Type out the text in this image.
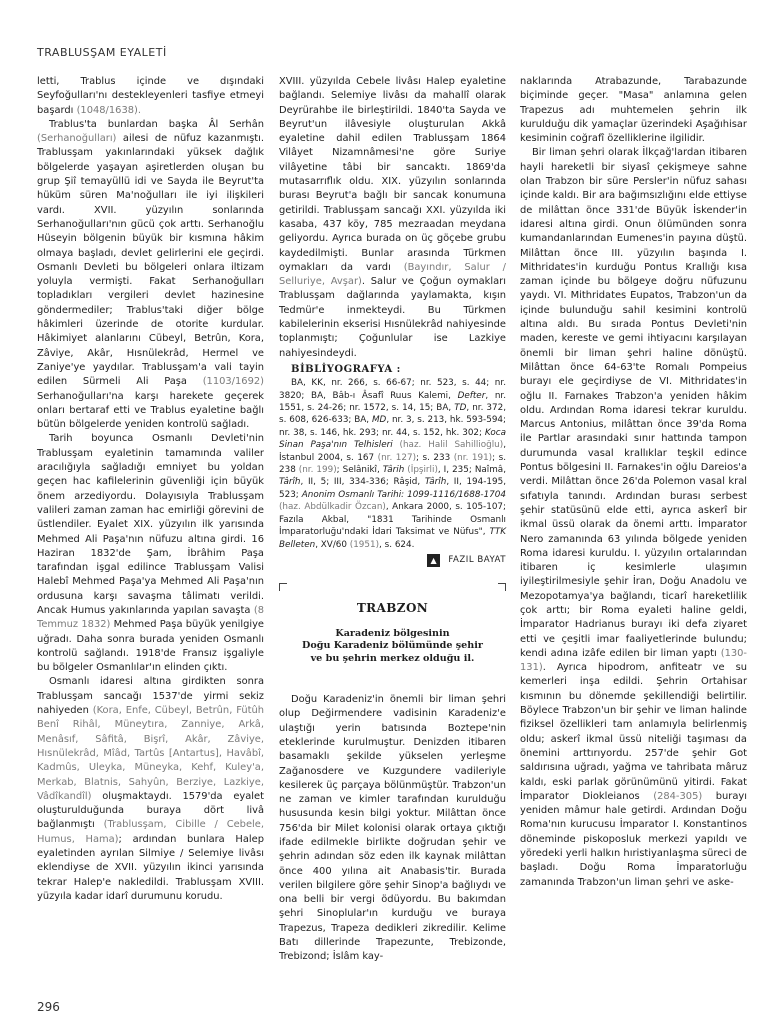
TRABLUSŞAM EYALETİ

letti, Trablus içinde ve dışındaki Seyfoğulları'nı destekleyenleri tasfiye etmeyi başardı (1048/1638).

Trablus'ta bunlardan başka Âl Serhân (Serhanoğulları) ailesi de nüfuz kazanmıştı. Trablusşam yakınlarındaki yüksek dağlık bölgelerde yaşayan aşiretlerden oluşan bu grup Şiî temayüllü idi ve Sayda ile Beyrut'ta hüküm süren Ma'noğulları ile iyi ilişkileri vardı. XVII. yüzyılın sonlarında Serhanoğulları'nın gücü çok arttı. Serhanoğlu Hüseyin bölgenin büyük bir kısmına hâkim olmaya başladı, devlet gelirlerini ele geçirdi. Osmanlı Devleti bu bölgeleri onlara iltizam yoluyla vermişti. Fakat Serhanoğulları topladıkları vergileri devlet hazinesine göndermediler; Trablus'taki diğer bölge hâkimleri üzerinde de otorite kurdular. Hâkimiyet alanlarını Cübeyl, Betrûn, Kora, Zâviye, Akâr, Hısnülekrâd, Hermel ve Zaniye'ye yaydılar. Trablusşam'a vali tayin edilen Sürmeli Ali Paşa (1103/1692) Serhanoğulları'na karşı harekete geçerek onları bertaraf etti ve Trablus eyaletine bağlı bütün bölgelerde yeniden kontrolü sağladı.

Tarih boyunca Osmanlı Devleti'nin Trablusşam eyaletinin tamamında valiler aracılığıyla sağladığı emniyet bu yoldan geçen hac kafilelerinin güvenliği için büyük önem arzediyordu. Dolayısıyla Trablusşam valileri zaman zaman hac emirliği görevini de üstlendiler. Eyalet XIX. yüzyılın ilk yarısında Mehmed Ali Paşa'nın nüfuzu altına girdi. 16 Haziran 1832'de Şam, İbrâhim Paşa tarafından işgal edilince Trablusşam Valisi Halebî Mehmed Paşa'ya Mehmed Ali Paşa'nın ordusuna karşı savaşma tâlimatı verildi. Ancak Humus yakınlarında yapılan savaşta (8 Temmuz 1832) Mehmed Paşa büyük yenilgiye uğradı. Daha sonra burada yeniden Osmanlı kontrolü sağlandı. 1918'de Fransız işgaliyle bu bölgeler Osmanlılar'ın elinden çıktı.

Osmanlı idaresi altına girdikten sonra Trablusşam sancağı 1537'de yirmi sekiz nahiyeden (Kora, Enfe, Cübeyl, Betrûn, Fütûh Benî Rihâl, Müneytıra, Zanniye, Arkâ, Menâsıf, Sâfitâ, Bişrî, Akâr, Zâviye, Hısnülekrâd, Mîâd, Tartûs [Antartus], Havâbî, Kadmûs, Uleyka, Müneyka, Kehf, Kuley'a, Merkab, Blatnis, Sahyûn, Berziye, Lazkiye, Vâdîkandîl) oluşmaktaydı. 1579'da eyalet oluşturulduğunda buraya dört livâ bağlanmıştı (Trablusşam, Cibille / Cebele, Humus, Hama); ardından bunlara Halep eyaletinden ayrılan Silmiye / Selemiye livâsı eklendiyse de XVII. yüzyılın ikinci yarısında tekrar Halep'e nakledildi. Trablusşam XVIII. yüzyıla kadar idarî durumunu korudu.

XVIII. yüzyılda Cebele livâsı Halep eyaletine bağlandı. Selemiye livâsı da mahallî olarak Deyrürahbe ile birleştirildi. 1840'ta Sayda ve Beyrut'un ilâvesiyle oluşturulan Akkâ eyaletine dahil edilen Trablusşam 1864 Vilâyet Nizamnâmesi'ne göre Suriye vilâyetine tâbi bir sancaktı. 1869'da mutasarrıflık oldu. XIX. yüzyılın sonlarında burası Beyrut'a bağlı bir sancak konumuna getirildi. Trablusşam sancağı XXI. yüzyılda iki kasaba, 437 köy, 785 mezraadan meydana geliyordu. Ayrıca burada on üç göçebe grubu kaydedilmişti. Bunlar arasında Türkmen oymakları da vardı (Bayındır, Salur / Selluriye, Avşar). Salur ve Çoğun oymakları Trablusşam dağlarında yaylamakta, kışın Tedmür'e inmekteydi. Bu Türkmen kabilelerinin ekserisi Hısnülekrâd nahiyesinde toplanmıştı; Çoğunlular ise Lazkiye nahiyesindeydi.

BİBLİYOGRAFYA :

BA, KK, nr. 266, s. 66-67; nr. 523, s. 44; nr. 3820; BA, Bâb-ı Âsafî Ruus Kalemi, Defter, nr. 1551, s. 24-26; nr. 1572, s. 14, 15; BA, TD, nr. 372, s. 608, 626-633; BA, MD, nr. 3, s. 213, hk. 593-594; nr. 38, s. 146, hk. 293; nr. 44, s. 152, hk. 302; Koca Sinan Paşa'nın Telhisleri (haz. Halil Sahillioğlu), İstanbul 2004, s. 167 (nr. 127); s. 233 (nr. 191); s. 238 (nr. 199); Selânikî, Târih (İpşirli), I, 235; Naîmâ, Târîh, II, 5; III, 334-336; Râşid, Târîh, II, 194-195, 523; Anonim Osmanlı Tarihi: 1099-1116/1688-1704 (haz. Abdülkadir Özcan), Ankara 2000, s. 105-107; Fazıla Akbal, "1831 Tarihinde Osmanlı İmparatorluğu'ndaki İdari Taksimat ve Nüfus", TTK Belleten, XV/60 (1951), s. 624.

▲	FAZIL BAYAT
TRABZON
Karadeniz bölgesinin
Doğu Karadeniz bölümünde şehir
ve bu şehrin merkez olduğu il.

Doğu Karadeniz'in önemli bir liman şehri olup Değirmendere vadisinin Karadeniz'e ulaştığı yerin batısında Boztepe'nin eteklerinde kurulmuştur. Denizden itibaren basamaklı şekilde yükselen yerleşme Zağanosdere ve Kuzgundere vadileriyle kesilerek üç parçaya bölünmüştür. Trabzon'un ne zaman ve kimler tarafından kurulduğu hususunda kesin bilgi yoktur. Milâttan önce 756'da bir Milet kolonisi olarak ortaya çıktığı ifade edilmekle birlikte doğrudan şehir ve şehrin adından söz eden ilk kaynak milâttan önce 400 yılına ait Anabasis'tir. Burada verilen bilgilere göre şehir Sinop'a bağlıydı ve ona belli bir vergi ödüyordu. Bu bakımdan şehri Sinoplular'ın kurduğu ve buraya Trapezus, Trapeza dedikleri zikredilir. Kelime Batı dillerinde Trapezunte, Trebizonde, Trebizond; İslâm kay-

naklarında Atrabazunde, Tarabazunde biçiminde geçer. "Masa" anlamına gelen Trapezus adı muhtemelen şehrin ilk kurulduğu dik yamaçlar üzerindeki Aşağıhisar kesiminin coğrafî özelliklerine ilgilidir.

Bir liman şehri olarak İlkçağ'lardan itibaren hayli hareketli bir siyasî çekişmeye sahne olan Trabzon bir süre Persler'in nüfuz sahası içinde kaldı. Bir ara bağımsızlığını elde ettiyse de milâttan önce 331'de Büyük İskender'in idaresi altına girdi. Onun ölümünden sonra kumandanlarından Eumenes'in payına düştü. Milâttan önce III. yüzyılın başında I. Mithridates'in kurduğu Pontus Krallığı kısa zaman içinde bu bölgeye doğru nüfuzunu yaydı. VI. Mithridates Eupatos, Trabzon'un da içinde bulunduğu sahil kesimini kontrolü altına aldı. Bu sırada Pontus Devleti'nin maden, kereste ve gemi ihtiyacını karşılayan önemli bir liman şehri haline dönüştü. Milâttan önce 64-63'te Romalı Pompeius burayı ele geçirdiyse de VI. Mithridates'in oğlu II. Farnakes Trabzon'a yeniden hâkim oldu. Ardından Roma idaresi tekrar kuruldu. Marcus Antonius, milâttan önce 39'da Roma ile Partlar arasındaki sınır hattında tampon durumunda vasal krallıklar teşkil edince Pontus bölgesini II. Farnakes'in oğlu Dareios'a verdi. Milâttan önce 26'da Polemon vasal kral sıfatıyla tanındı. Ardından burası serbest şehir statüsünü elde etti, ayrıca askerî bir ikmal üssü olarak da önemi arttı. İmparator Nero zamanında 63 yılında bölgede yeniden Roma idaresi kuruldu. I. yüzyılın ortalarından itibaren iç kesimlerle ulaşımın iyileştirilmesiyle şehir İran, Doğu Anadolu ve Mezopotamya'ya bağlandı, ticarî hareketlilik çok arttı; bir Roma eyaleti haline geldi, İmparator Hadrianus burayı iki defa ziyaret etti ve çeşitli imar faaliyetlerinde bulundu; kendi adına izâfe edilen bir liman yaptı (130-131). Ayrıca hipodrom, anfiteatr ve su kemerleri inşa edildi. Şehrin Ortahisar kısmının bu dönemde şekillendiği belirtilir. Böylece Trabzon'un bir şehir ve liman halinde fiziksel özellikleri tam anlamıyla belirlenmiş oldu; askerî ikmal üssü niteliği taşıması da önemini arttırıyordu. 257'de şehir Got saldırısına uğradı, yağma ve tahribata mâruz kaldı, eski parlak görünümünü yitirdi. Fakat İmparator Diokleianos (284-305) burayı yeniden mâmur hale getirdi. Ardından Doğu Roma'nın kurucusu İmparator I. Konstantinos döneminde piskoposluk merkezi yapıldı ve yöredeki yerli halkın hıristiyanlaşma süreci de başladı. Doğu Roma İmparatorluğu zamanında Trabzon'un liman şehri ve aske-

296
